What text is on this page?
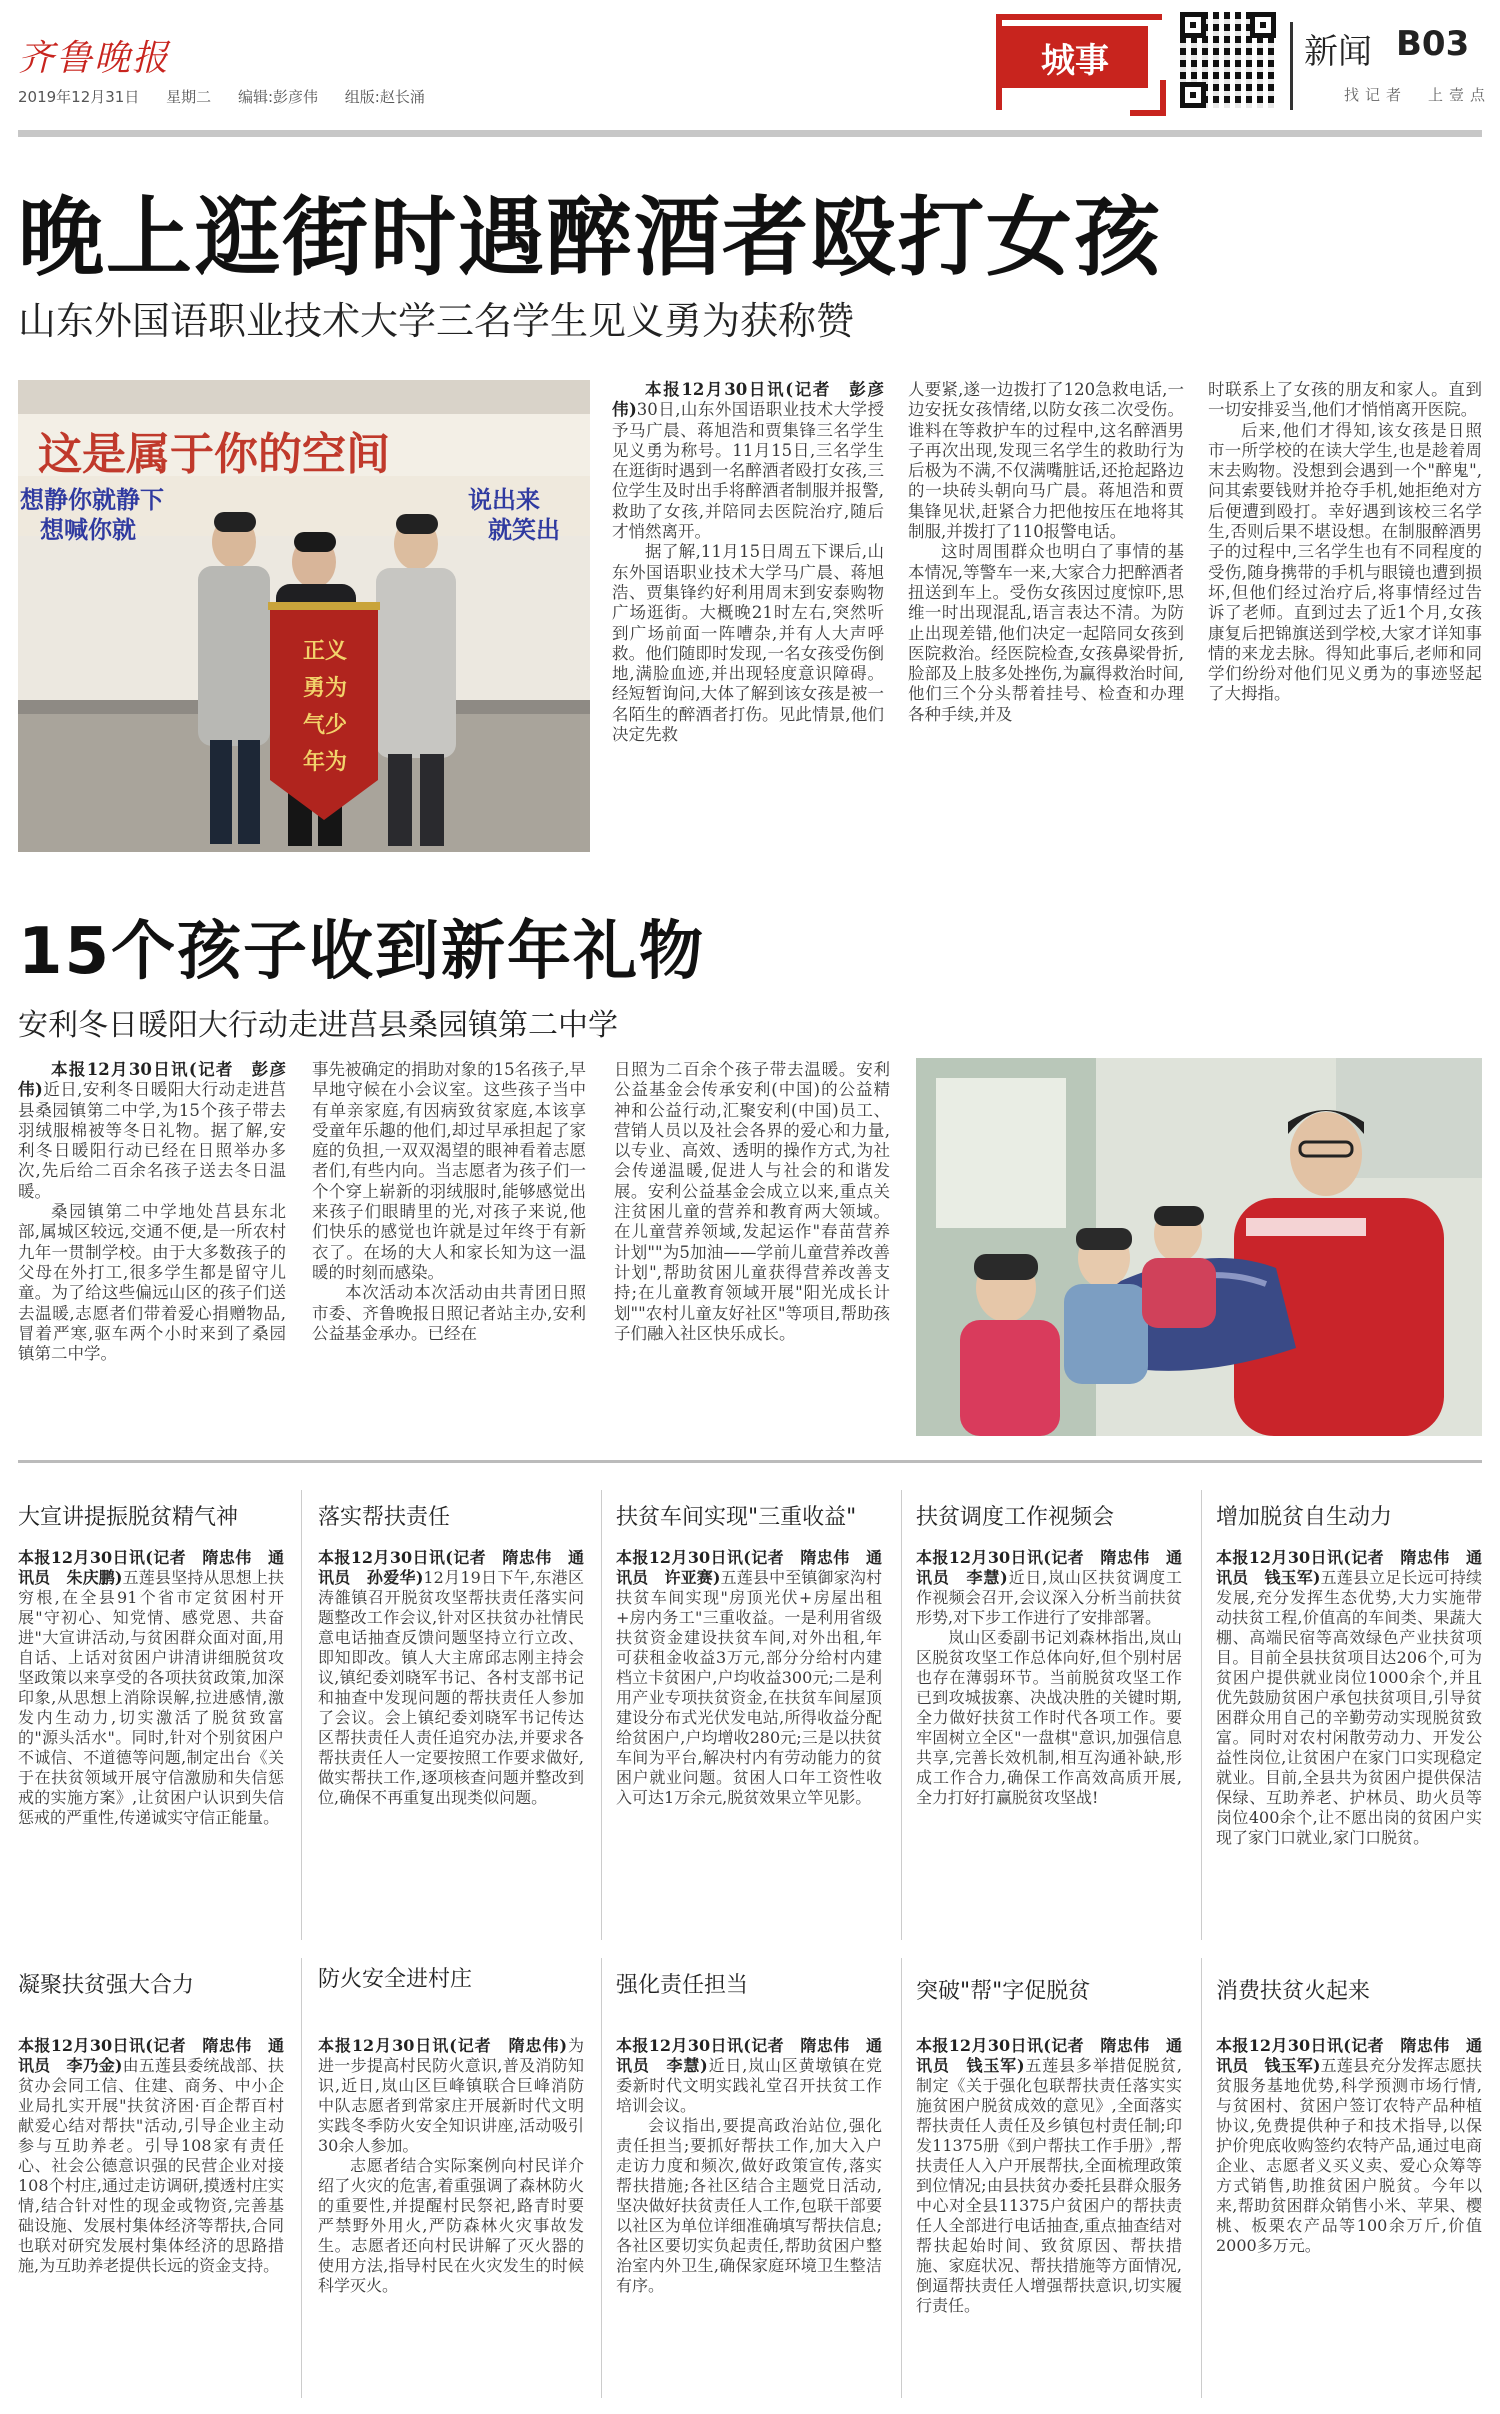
齐鲁晚报
2019年12月31日 星期二 编辑:彭彦伟 组版:赵长涌
城事	新闻 B03
找记者　上壹点
晚上逛街时遇醉酒者殴打女孩
山东外国语职业技术大学三名学生见义勇为获称赞
这是属于你的空间
想静你就静下
想喊你就
说出来
就笑出
正义
勇为
气少
年为

本报12月30日讯(记者　彭彦伟)30日,山东外国语职业技术大学授予马广晨、蒋旭浩和贾集锋三名学生见义勇为称号。11月15日,三名学生在逛街时遇到一名醉酒者殴打女孩,三位学生及时出手将醉酒者制服并报警,救助了女孩,并陪同去医院治疗,随后才悄然离开。

据了解,11月15日周五下课后,山东外国语职业技术大学马广晨、蒋旭浩、贾集锋约好利用周末到安泰购物广场逛街。大概晚21时左右,突然听到广场前面一阵嘈杂,并有人大声呼救。他们随即时发现,一名女孩受伤倒地,满脸血迹,并出现轻度意识障碍。经短暂询问,大体了解到该女孩是被一名陌生的醉酒者打伤。见此情景,他们决定先救

人要紧,遂一边拨打了120急救电话,一边安抚女孩情绪,以防女孩二次受伤。谁料在等救护车的过程中,这名醉酒男子再次出现,发现三名学生的救助行为后极为不满,不仅满嘴脏话,还抢起路边的一块砖头朝向马广晨。蒋旭浩和贾集锋见状,赶紧合力把他按压在地将其制服,并拨打了110报警电话。

这时周围群众也明白了事情的基本情况,等警车一来,大家合力把醉酒者扭送到车上。受伤女孩因过度惊吓,思维一时出现混乱,语言表达不清。为防止出现差错,他们决定一起陪同女孩到医院救治。经医院检查,女孩鼻梁骨折,脸部及上肢多处挫伤,为赢得救治时间,他们三个分头帮着挂号、检查和办理各种手续,并及

时联系上了女孩的朋友和家人。直到一切安排妥当,他们才悄悄离开医院。

后来,他们才得知,该女孩是日照市一所学校的在读大学生,也是趁着周末去购物。没想到会遇到一个"醉鬼",问其索要钱财并抢夺手机,她拒绝对方后便遭到殴打。幸好遇到该校三名学生,否则后果不堪设想。在制服醉酒男子的过程中,三名学生也有不同程度的受伤,随身携带的手机与眼镜也遭到损坏,但他们经过治疗后,将事情经过告诉了老师。直到过去了近1个月,女孩康复后把锦旗送到学校,大家才详知事情的来龙去脉。得知此事后,老师和同学们纷纷对他们见义勇为的事迹竖起了大拇指。

15个孩子收到新年礼物
安利冬日暖阳大行动走进莒县桑园镇第二中学

本报12月30日讯(记者　彭彦伟)近日,安利冬日暖阳大行动走进莒县桑园镇第二中学,为15个孩子带去羽绒服棉被等冬日礼物。据了解,安利冬日暖阳行动已经在日照举办多次,先后给二百余名孩子送去冬日温暖。

桑园镇第二中学地处莒县东北部,属城区较远,交通不便,是一所农村九年一贯制学校。由于大多数孩子的父母在外打工,很多学生都是留守儿童。为了给这些偏远山区的孩子们送去温暖,志愿者们带着爱心捐赠物品,冒着严寒,驱车两个小时来到了桑园镇第二中学。

事先被确定的捐助对象的15名孩子,早早地守候在小会议室。这些孩子当中有单亲家庭,有因病致贫家庭,本该享受童年乐趣的他们,却过早承担起了家庭的负担,一双双渴望的眼神看着志愿者们,有些内向。当志愿者为孩子们一个个穿上崭新的羽绒服时,能够感觉出来孩子们眼睛里的光,对孩子来说,他们快乐的感觉也许就是过年终于有新衣了。在场的大人和家长知为这一温暖的时刻而感染。

本次活动本次活动由共青团日照市委、齐鲁晚报日照记者站主办,安利公益基金承办。已经在

日照为二百余个孩子带去温暖。安利公益基金会传承安利(中国)的公益精神和公益行动,汇聚安利(中国)员工、营销人员以及社会各界的爱心和力量,以专业、高效、透明的操作方式,为社会传递温暖,促进人与社会的和谐发展。安利公益基金会成立以来,重点关注贫困儿童的营养和教育两大领域。在儿童营养领域,发起运作"春苗营养计划""为5加油——学前儿童营养改善计划",帮助贫困儿童获得营养改善支持;在儿童教育领域开展"阳光成长计划""农村儿童友好社区"等项目,帮助孩子们融入社区快乐成长。

大宣讲提振脱贫精气神
本报12月30日讯(记者　隋忠伟　通讯员　朱庆鹏)五莲县坚持从思想上扶穷根,在全县91个省市定贫困村开展"守初心、知党情、感党恩、共奋进"大宣讲活动,与贫困群众面对面,用自话、上话对贫困户讲清讲细脱贫攻坚政策以来享受的各项扶贫政策,加深印象,从思想上消除误解,拉进感情,激发内生动力,切实激活了脱贫致富的"源头活水"。同时,针对个别贫困户不诚信、不道德等问题,制定出台《关于在扶贫领域开展守信激励和失信惩戒的实施方案》,让贫困户认识到失信惩戒的严重性,传递诚实守信正能量。
落实帮扶责任
本报12月30日讯(记者　隋忠伟　通讯员　孙爱华)12月19日下午,东港区涛雒镇召开脱贫攻坚帮扶责任落实问题整改工作会议,针对区扶贫办社情民意电话抽查反馈问题坚持立行立改、即知即改。镇人大主席邱志刚主持会议,镇纪委刘晓军书记、各村支部书记和抽查中发现问题的帮扶责任人参加了会议。会上镇纪委刘晓军书记传达区帮扶责任人责任追究办法,并要求各帮扶责任人一定要按照工作要求做好,做实帮扶工作,逐项核查问题并整改到位,确保不再重复出现类似问题。
扶贫车间实现"三重收益"
本报12月30日讯(记者　隋忠伟　通讯员　许亚赛)五莲县中至镇御家沟村扶贫车间实现"房顶光伏+房屋出租+房内务工"三重收益。一是利用省级扶贫资金建设扶贫车间,对外出租,年可获租金收益3万元,部分分给村内建档立卡贫困户,户均收益300元;二是利用产业专项扶贫资金,在扶贫车间屋顶建设分布式光伏发电站,所得收益分配给贫困户,户均增收280元;三是以扶贫车间为平台,解决村内有劳动能力的贫困户就业问题。贫困人口年工资性收入可达1万余元,脱贫效果立竿见影。
扶贫调度工作视频会
本报12月30日讯(记者　隋忠伟　通讯员　李慧)近日,岚山区扶贫调度工作视频会召开,会议深入分析当前扶贫形势,对下步工作进行了安排部署。
岚山区委副书记刘森林指出,岚山区脱贫攻坚工作总体向好,但个别村居也存在薄弱环节。当前脱贫攻坚工作已到攻城拔寨、决战决胜的关键时期,全力做好扶贫工作时代各项工作。要牢固树立全区"一盘棋"意识,加强信息共享,完善长效机制,相互沟通补缺,形成工作合力,确保工作高效高质开展,全力打好打赢脱贫攻坚战!
增加脱贫自生动力
本报12月30日讯(记者　隋忠伟　通讯员　钱玉军)五莲县立足长远可持续发展,充分发挥生态优势,大力实施带动扶贫工程,价值高的车间类、果蔬大棚、高端民宿等高效绿色产业扶贫项目。目前全县扶贫项目达206个,可为贫困户提供就业岗位1000余个,并且优先鼓励贫困户承包扶贫项目,引导贫困群众用自己的辛勤劳动实现脱贫致富。同时对农村闲散劳动力、开发公益性岗位,让贫困户在家门口实现稳定就业。目前,全县共为贫困户提供保洁保绿、互助养老、护林员、助火员等岗位400余个,让不愿出岗的贫困户实现了家门口就业,家门口脱贫。
凝聚扶贫强大合力
本报12月30日讯(记者　隋忠伟　通讯员　李乃金)由五莲县委统战部、扶贫办会同工信、住建、商务、中小企业局扎实开展"扶贫济困·百企帮百村献爱心结对帮扶"活动,引导企业主动参与互助养老。引导108家有责任心、社会公德意识强的民营企业对接108个村庄,通过走访调研,摸透村庄实情,结合针对性的现金或物资,完善基础设施、发展村集体经济等帮扶,合同也联对研究发展村集体经济的思路措施,为互助养老提供长远的资金支持。
防火安全进村庄
本报12月30日讯(记者　隋忠伟)为进一步提高村民防火意识,普及消防知识,近日,岚山区巨峰镇联合巨峰消防中队志愿者到常家庄开展新时代文明实践冬季防火安全知识讲座,活动吸引30余人参加。
志愿者结合实际案例向村民详介绍了火灾的危害,着重强调了森林防火的重要性,并提醒村民祭祀,路青时要严禁野外用火,严防森林火灾事故发生。志愿者还向村民讲解了灭火器的使用方法,指导村民在火灾发生的时候科学灭火。
强化责任担当
本报12月30日讯(记者　隋忠伟　通讯员　李慧)近日,岚山区黄墩镇在党委新时代文明实践礼堂召开扶贫工作培训会议。
会议指出,要提高政治站位,强化责任担当;要抓好帮扶工作,加大入户走访力度和频次,做好政策宣传,落实帮扶措施;各社区结合主题党日活动,坚决做好扶贫责任人工作,包联干部要以社区为单位详细准确填写帮扶信息;各社区要切实负起责任,帮助贫困户整治室内外卫生,确保家庭环境卫生整洁有序。
突破"帮"字促脱贫
本报12月30日讯(记者　隋忠伟　通讯员　钱玉军)五莲县多举措促脱贫,制定《关于强化包联帮扶责任落实实施贫困户脱贫成效的意见》,全面落实帮扶责任人责任及乡镇包村责任制;印发11375册《到户帮扶工作手册》,帮扶责任人入户开展帮扶,全面梳理政策到位情况;由县扶贫办委托县群众服务中心对全县11375户贫困户的帮扶责任人全部进行电话抽查,重点抽查结对帮扶起始时间、致贫原因、帮扶措施、家庭状况、帮扶措施等方面情况,倒逼帮扶责任人增强帮扶意识,切实履行责任。
消费扶贫火起来
本报12月30日讯(记者　隋忠伟　通讯员　钱玉军)五莲县充分发挥志愿扶贫服务基地优势,科学预测市场行情,与贫困村、贫困户签订农特产品种植协议,免费提供种子和技术指导,以保护价兜底收购签约农特产品,通过电商企业、志愿者义买义卖、爱心众筹等方式销售,助推贫困户脱贫。今年以来,帮助贫困群众销售小米、苹果、樱桃、板栗农产品等100余万斤,价值2000多万元。
